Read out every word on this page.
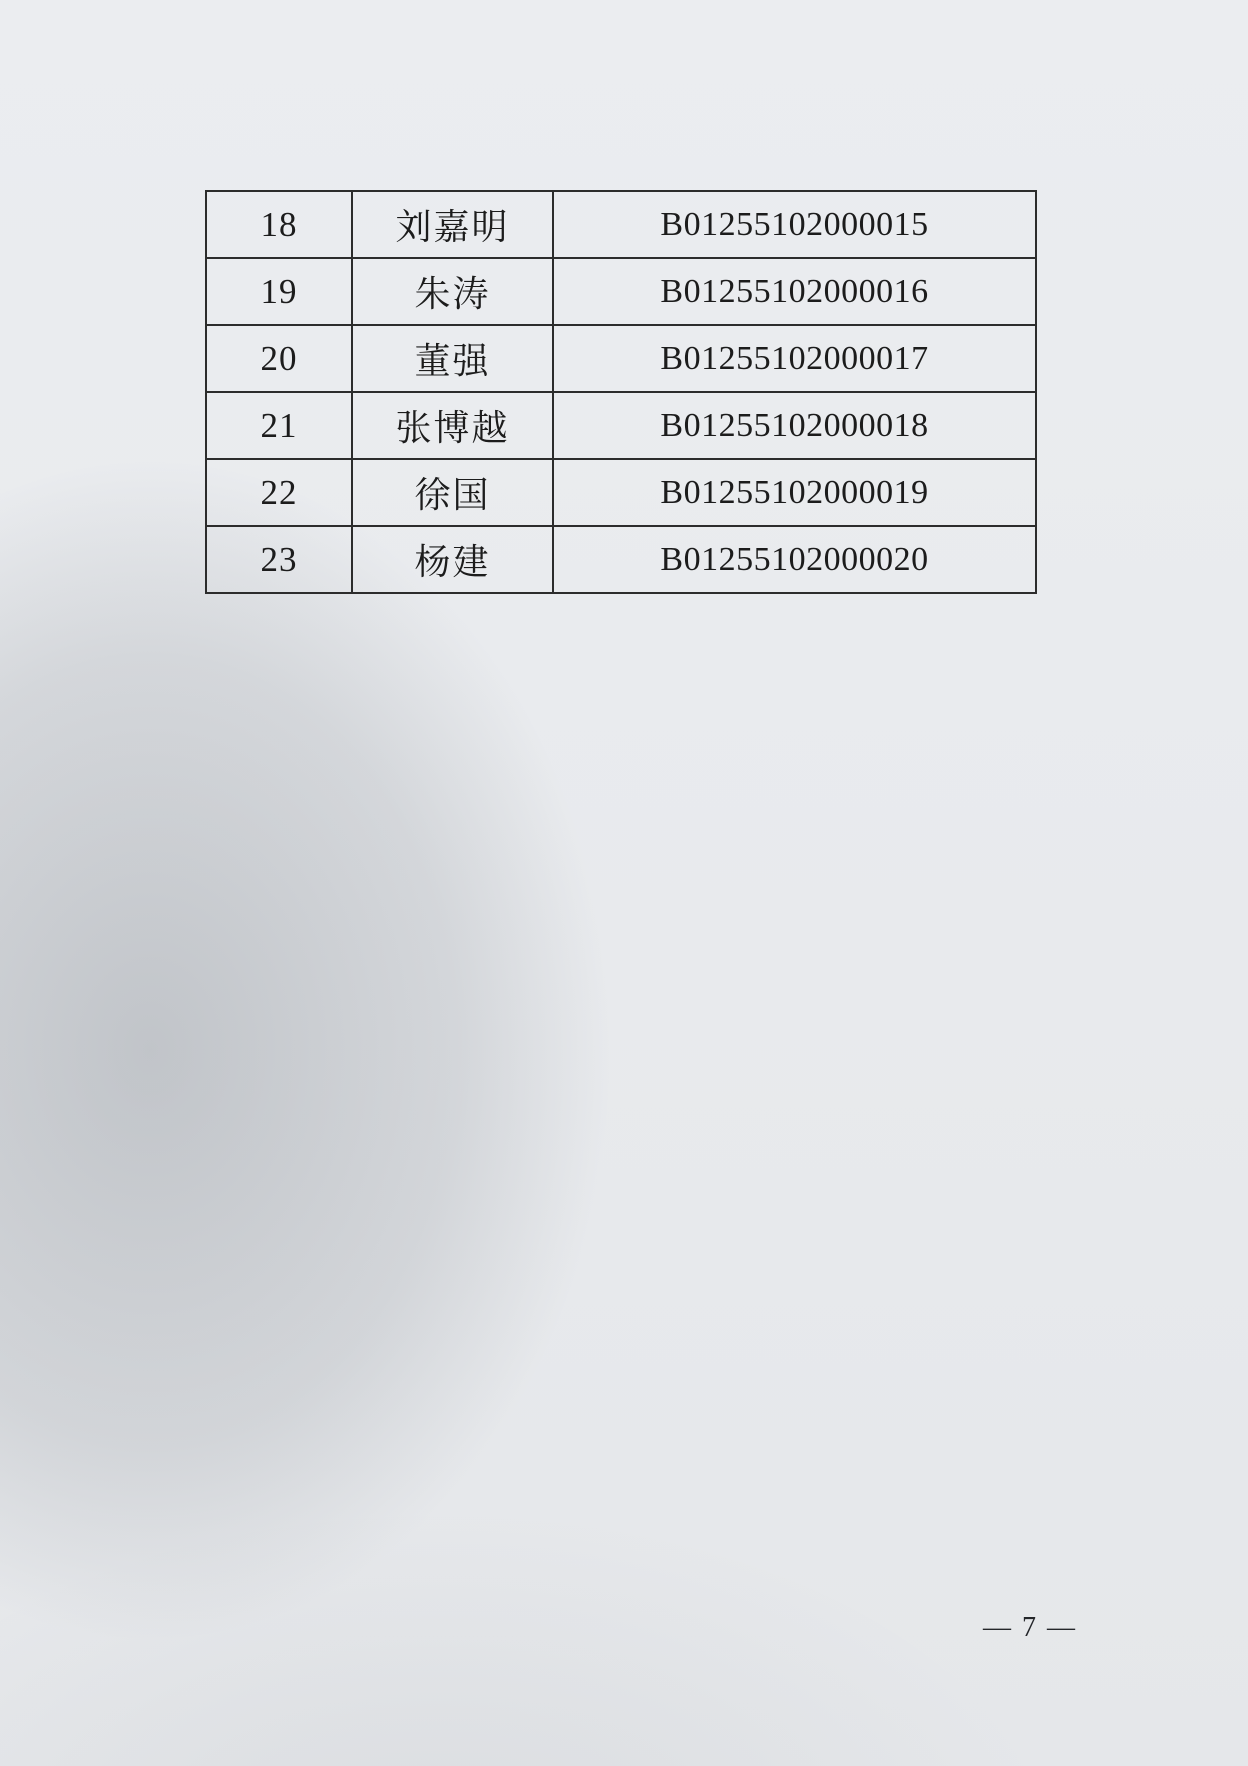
18	刘嘉明	B01255102000015
19	朱涛	B01255102000016
20	董强	B01255102000017
21	张博越	B01255102000018
22	徐国	B01255102000019
23	杨建	B01255102000020
— 7 —
